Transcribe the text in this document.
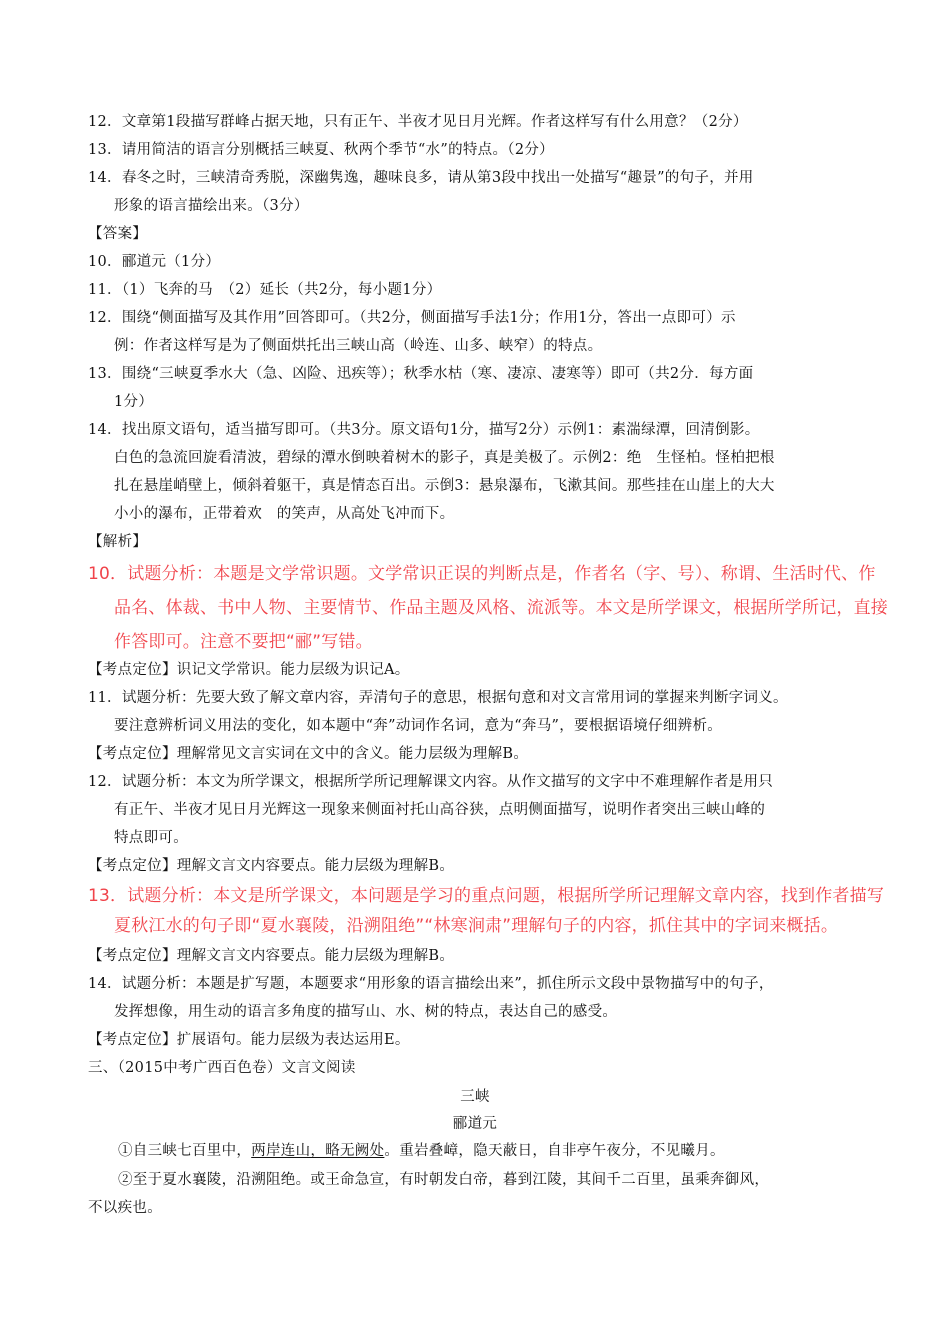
12．文章第1段描写群峰占据天地，只有正午、半夜才见日月光辉。作者这样写有什么用意？（2分）
13．请用简洁的语言分别概括三峡夏、秋两个季节“水”的特点。（2分）
14．春冬之时，三峡清奇秀脱，深幽隽逸，趣味良多，请从第3段中找出一处描写“趣景”的句子，并用
形象的语言描绘出来。（3分）
【答案】
10．郦道元（1分）
11．（1）飞奔的马　（2）延长（共2分，每小题1分）
12．围绕“侧面描写及其作用”回答即可。（共2分，侧面描写手法1分；作用1分，答出一点即可）示
例：作者这样写是为了侧面烘托出三峡山高（岭连、山多、峡窄）的特点。
13．围绕“三峡夏季水大（急、凶险、迅疾等）；秋季水枯（寒、凄凉、凄寒等）即可（共2分．每方面
1分）
14．找出原文语句，适当描写即可。（共3分。原文语句1分，描写2分）示例1：素湍绿潭，回清倒影。
白色的急流回旋看清波，碧绿的潭水倒映着树木的影子，真是美极了。示例2：绝　生怪柏。怪柏把根
扎在悬崖峭壁上，倾斜着躯干，真是情态百出。示倒3：悬泉瀑布，飞漱其间。那些挂在山崖上的大大
小小的瀑布，正带着欢　的笑声，从高处飞冲而下。
【解析】
10．试题分析：本题是文学常识题。文学常识正误的判断点是，作者名（字、号）、称谓、生活时代、作
品名、体裁、书中人物、主要情节、作品主题及风格、流派等。本文是所学课文，根据所学所记，直接
作答即可。注意不要把“郦”写错。
【考点定位】识记文学常识。能力层级为识记A。
11．试题分析：先要大致了解文章内容，弄清句子的意思，根据句意和对文言常用词的掌握来判断字词义。
要注意辨析词义用法的变化，如本题中“奔”动词作名词，意为“奔马”，要根据语境仔细辨析。
【考点定位】理解常见文言实词在文中的含义。能力层级为理解B。
12．试题分析：本文为所学课文，根据所学所记理解课文内容。从作文描写的文字中不难理解作者是用只
有正午、半夜才见日月光辉这一现象来侧面衬托山高谷狭，点明侧面描写，说明作者突出三峡山峰的
特点即可。
【考点定位】理解文言文内容要点。能力层级为理解B。
13．试题分析：本文是所学课文，本问题是学习的重点问题，根据所学所记理解文章内容，找到作者描写
夏秋江水的句子即“夏水襄陵，沿溯阻绝”“林寒涧肃”理解句子的内容，抓住其中的字词来概括。
【考点定位】理解文言文内容要点。能力层级为理解B。
14．试题分析：本题是扩写题，本题要求“用形象的语言描绘出来”，抓住所示文段中景物描写中的句子，
发挥想像，用生动的语言多角度的描写山、水、树的特点，表达自己的感受。
【考点定位】扩展语句。能力层级为表达运用E。
三、（2015中考广西百色卷）文言文阅读
三峡
郦道元
①自三峡七百里中，两岸连山，略无阙处。重岩叠嶂，隐天蔽日，自非亭午夜分，不见曦月。
②至于夏水襄陵，沿溯阻绝。或王命急宣，有时朝发白帝，暮到江陵，其间千二百里，虽乘奔御风，
不以疾也。
